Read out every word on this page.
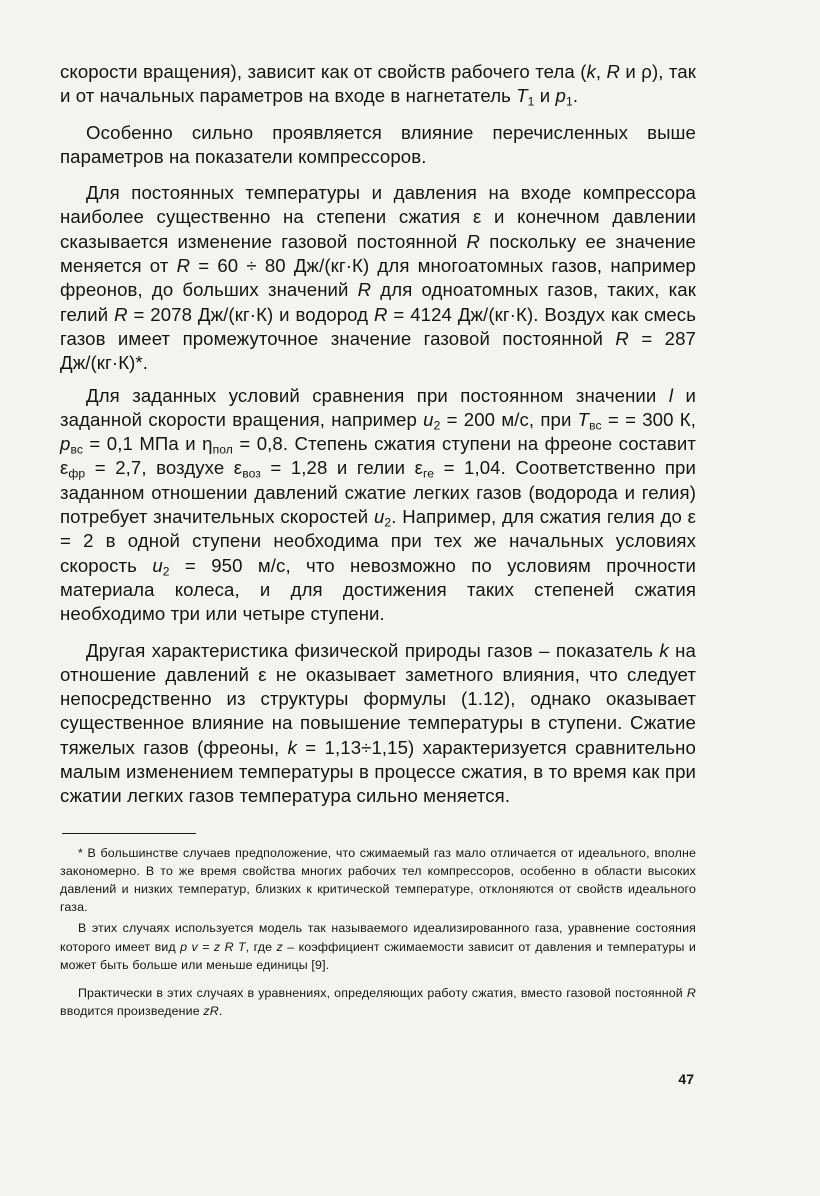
скорости вращения), зависит как от свойств рабочего тела (k, R и ρ), так и от начальных параметров на входе в нагнетатель $T_1$ и $p_1$.

Особенно сильно проявляется влияние перечисленных выше параметров на показатели компрессоров.

Для постоянных температуры и давления на входе компрессора наиболее существенно на степени сжатия ε и конечном давлении сказывается изменение газовой постоянной R поскольку ее значение меняется от R = 60 ÷ 80 Дж/(кг·К) для многоатомных газов, например фреонов, до больших значений R для одноатомных газов, таких, как гелий R = 2078 Дж/(кг·К) и водород R = 4124 Дж/(кг·К). Воздух как смесь газов имеет промежуточное значение газовой постоянной R = 287 Дж/(кг·К)*.

Для заданных условий сравнения при постоянном значении l и заданной скорости вращения, например $u_2 = 200$ м/с, при $T_{вс}$ = = 300 К, $p_{вс} = 0,1$ МПа и $\eta_{пол} = 0,8$. Степень сжатия ступени на фреоне составит $\varepsilon_{фр} = 2,7$, воздухе $\varepsilon_{воз} = 1,28$ и гелии $\varepsilon_{ге} = 1,04$. Соответственно при заданном отношении давлений сжатие легких газов (водорода и гелия) потребует значительных скоростей $u_2$. Например, для сжатия гелия до ε = 2 в одной ступени необходима при тех же начальных условиях скорость $u_2 = 950$ м/с, что невозможно по условиям прочности материала колеса, и для достижения таких степеней сжатия необходимо три или четыре ступени.

Другая характеристика физической природы газов – показатель k на отношение давлений ε не оказывает заметного влияния, что следует непосредственно из структуры формулы (1.12), однако оказывает существенное влияние на повышение температуры в ступени. Сжатие тяжелых газов (фреоны, k = 1,13÷1,15) характеризуется сравнительно малым изменением температуры в процессе сжатия, в то время как при сжатии легких газов температура сильно меняется.

* В большинстве случаев предположение, что сжимаемый газ мало отличается от идеального, вполне закономерно. В то же время свойства многих рабочих тел компрессоров, особенно в области высоких давлений и низких температур, близких к критической температуре, отклоняются от свойств идеального газа.

В этих случаях используется модель так называемого идеализированного газа, уравнение состояния которого имеет вид p v = z R T, где z – коэффициент сжимаемости зависит от давления и температуры и может быть больше или меньше единицы [9].

Практически в этих случаях в уравнениях, определяющих работу сжатия, вместо газовой постоянной R вводится произведение zR.

47
